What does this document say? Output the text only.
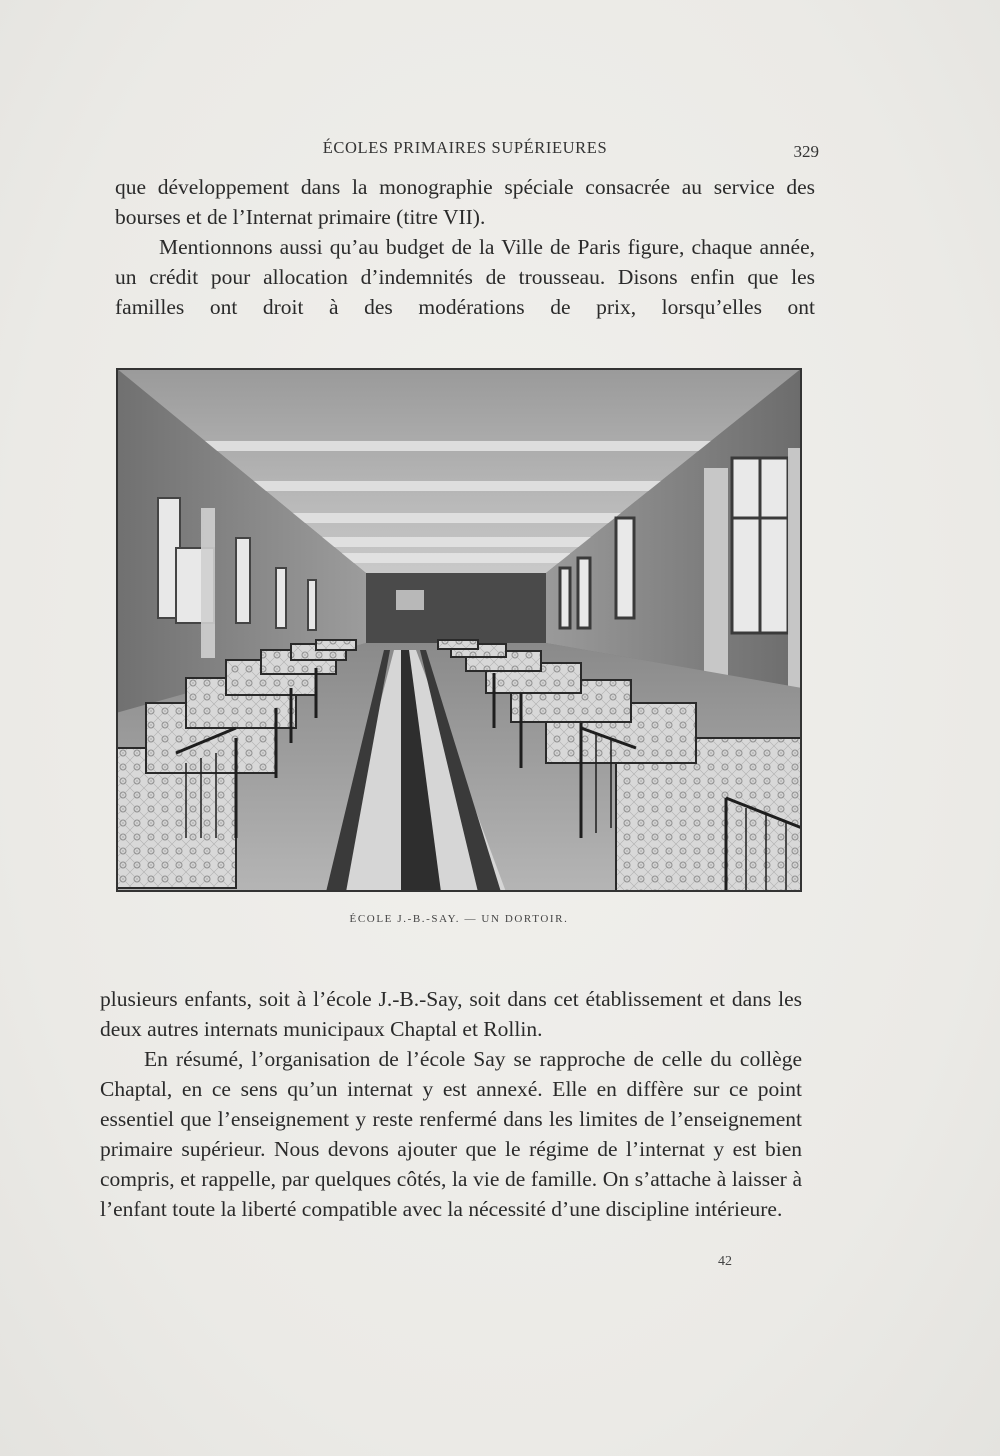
ÉCOLES PRIMAIRES SUPÉRIEURES	329

que développement dans la monographie spéciale consacrée au service des bourses et de l’Internat primaire (titre VII).

Mentionnons aussi qu’au budget de la Ville de Paris figure, chaque année, un crédit pour allocation d’indemnités de trousseau. Disons enfin que les familles ont droit à des modérations de prix, lorsqu’elles ont

ÉCOLE J.-B.-SAY. — UN DORTOIR.

plusieurs enfants, soit à l’école J.-B.-Say, soit dans cet établissement et dans les deux autres internats municipaux Chaptal et Rollin.

En résumé, l’organisation de l’école Say se rapproche de celle du collège Chaptal, en ce sens qu’un internat y est annexé. Elle en diffère sur ce point essentiel que l’enseignement y reste renfermé dans les limites de l’enseignement primaire supérieur. Nous devons ajouter que le régime de l’internat y est bien compris, et rappelle, par quelques côtés, la vie de famille. On s’attache à laisser à l’enfant toute la liberté compatible avec la nécessité d’une discipline intérieure.

42
